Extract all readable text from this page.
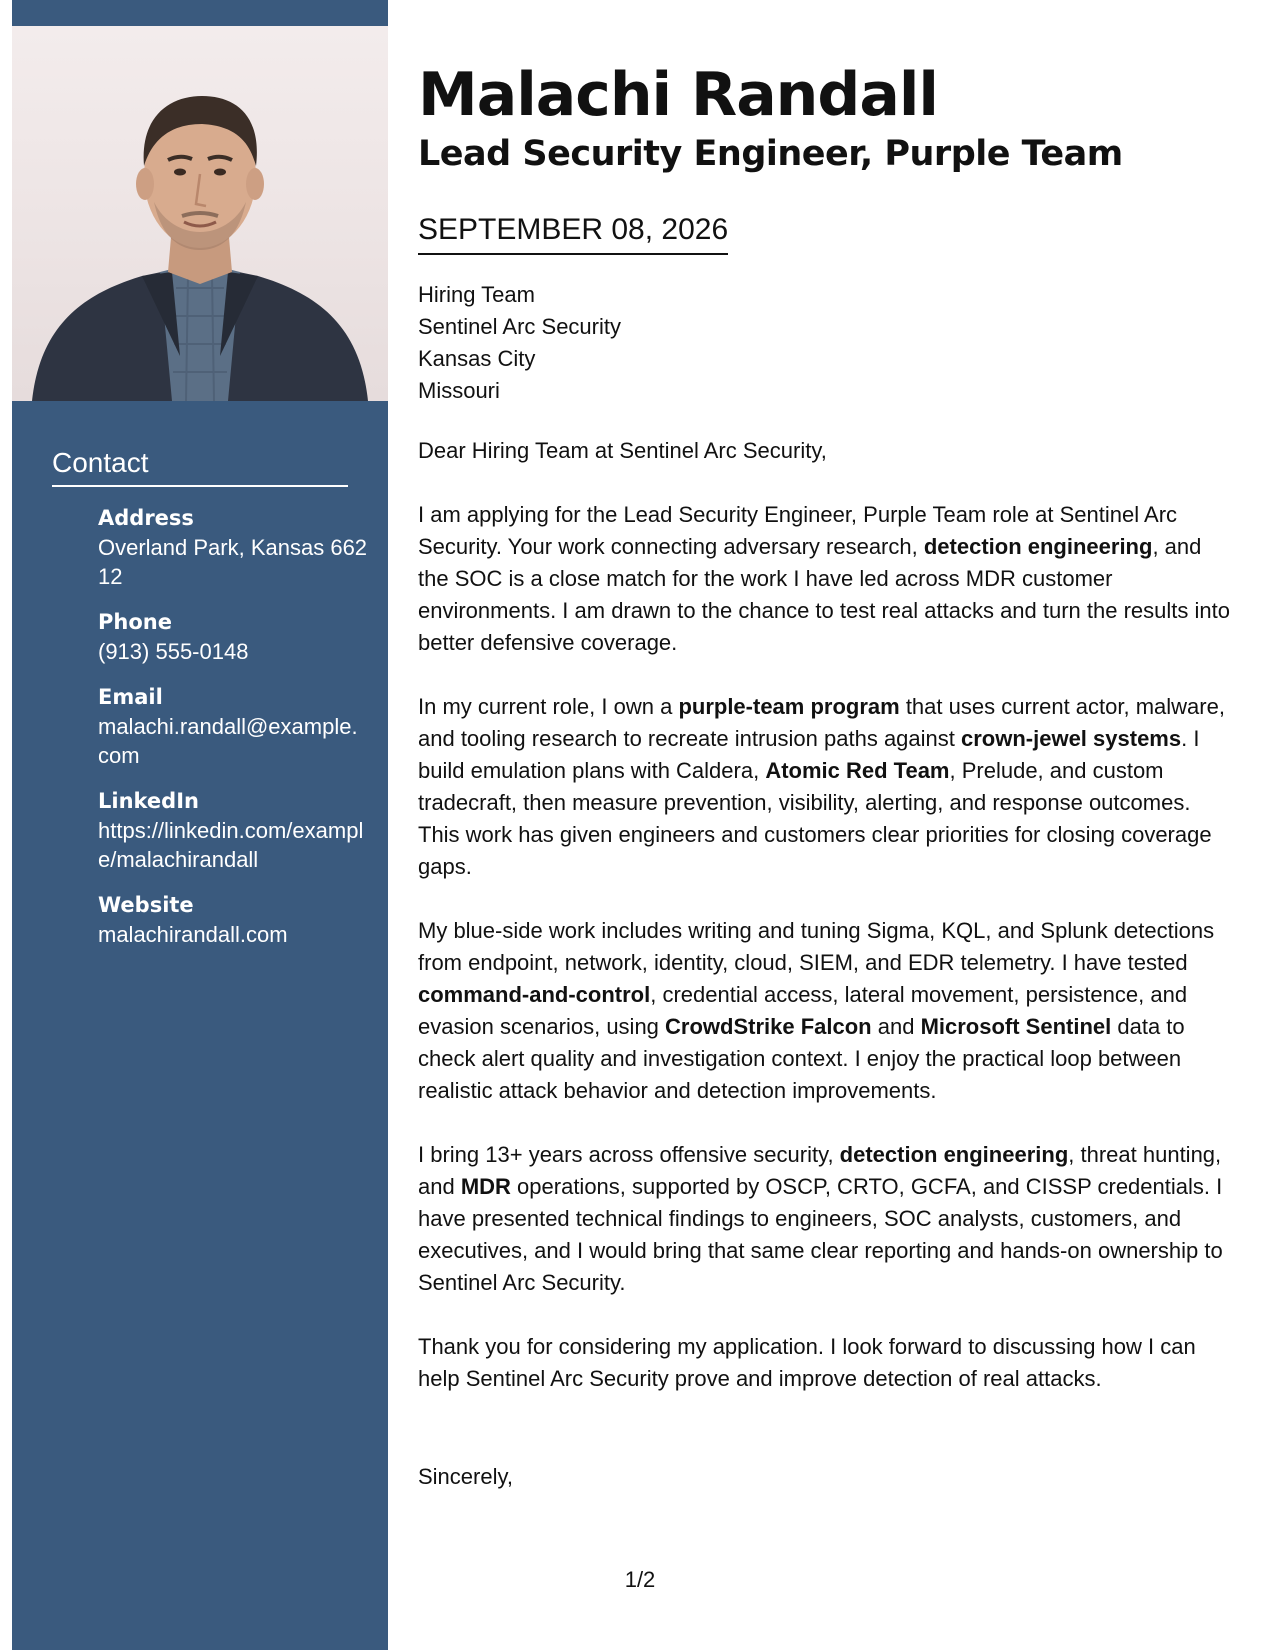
Contact
Address
Overland Park, Kansas 66212
Phone
(913) 555-0148
Email
malachi.randall@example.com
LinkedIn
https://linkedin.com/example/malachirandall
Website
malachirandall.com
Malachi Randall
Lead Security Engineer, Purple Team
SEPTEMBER 08, 2026
Hiring Team
Sentinel Arc Security
Kansas City
Missouri

Dear Hiring Team at Sentinel Arc Security,

I am applying for the Lead Security Engineer, Purple Team role at Sentinel Arc Security. Your work connecting adversary research, detection engineering, and the SOC is a close match for the work I have led across MDR customer environments. I am drawn to the chance to test real attacks and turn the results into better defensive coverage.

In my current role, I own a purple-team program that uses current actor, malware, and tooling research to recreate intrusion paths against crown-jewel systems. I build emulation plans with Caldera, Atomic Red Team, Prelude, and custom tradecraft, then measure prevention, visibility, alerting, and response outcomes. This work has given engineers and customers clear priorities for closing coverage gaps.

My blue-side work includes writing and tuning Sigma, KQL, and Splunk detections from endpoint, network, identity, cloud, SIEM, and EDR telemetry. I have tested command-and-control, credential access, lateral movement, persistence, and evasion scenarios, using CrowdStrike Falcon and Microsoft Sentinel data to check alert quality and investigation context. I enjoy the practical loop between realistic attack behavior and detection improvements.

I bring 13+ years across offensive security, detection engineering, threat hunting, and MDR operations, supported by OSCP, CRTO, GCFA, and CISSP credentials. I have presented technical findings to engineers, SOC analysts, customers, and executives, and I would bring that same clear reporting and hands-on ownership to Sentinel Arc Security.

Thank you for considering my application. I look forward to discussing how I can help Sentinel Arc Security prove and improve detection of real attacks.

Sincerely,

1/2
